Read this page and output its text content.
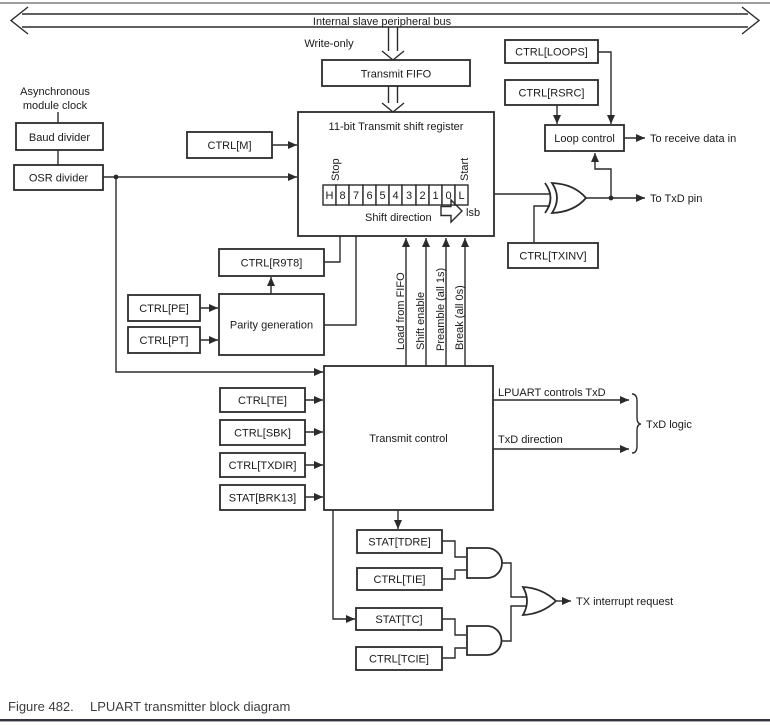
H 8 7 6 5 4 3 2 1 0 L
Internal slave peripheral bus
Write-only
Transmit FIFO
Asynchronous
module clock
Baud divider
OSR divider
CTRL[M]
11-bit Transmit shift register
Stop	Start
Shift direction	lsb
CTRL[LOOPS]
CTRL[RSRC]
Loop control	To receive data in
To TxD pin
CTRL[TXINV]
CTRL[R9T8]
CTRL[PE]
CTRL[PT]
Parity generation	Load from FIFO Shift enable Preamble (all 1s) Break (all 0s)
Transmit control
CTRL[TE]
CTRL[SBK]
CTRL[TXDIR]
STAT[BRK13]
LPUART controls TxD
TxD direction
TxD logic
STAT[TDRE]
CTRL[TIE]
STAT[TC]
CTRL[TCIE]
TX interrupt request
Figure 482. LPUART transmitter block diagram
